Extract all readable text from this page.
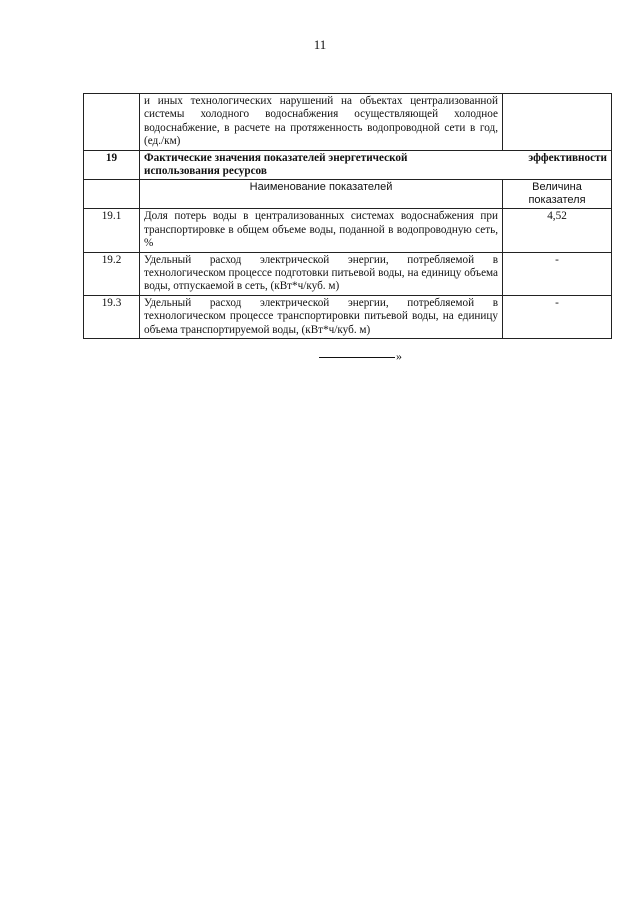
11
	и иных технологических нарушений на объектах централизованной системы холодного водоснабжения осуществляющей холодное водоснабжение, в расчете на протяженность водопроводной сети в год, (ед./км)	
19	Фактические значения показателей энергетической эффективности
использования ресурсов	

	Наименование показателей	Величина показателя
19.1	Доля потерь воды в централизованных системах водоснабжения при транспортировке в общем объеме воды, поданной в водопроводную сеть, %	4,52
19.2	Удельный расход электрической энергии, потребляемой в технологическом процессе подготовки питьевой воды, на единицу объема воды, отпускаемой в сеть, (кВт*ч/куб. м)	-
19.3	Удельный расход электрической энергии, потребляемой в технологическом процессе транспортировки питьевой воды, на единицу объема транспортируемой воды, (кВт*ч/куб. м)	-
»
